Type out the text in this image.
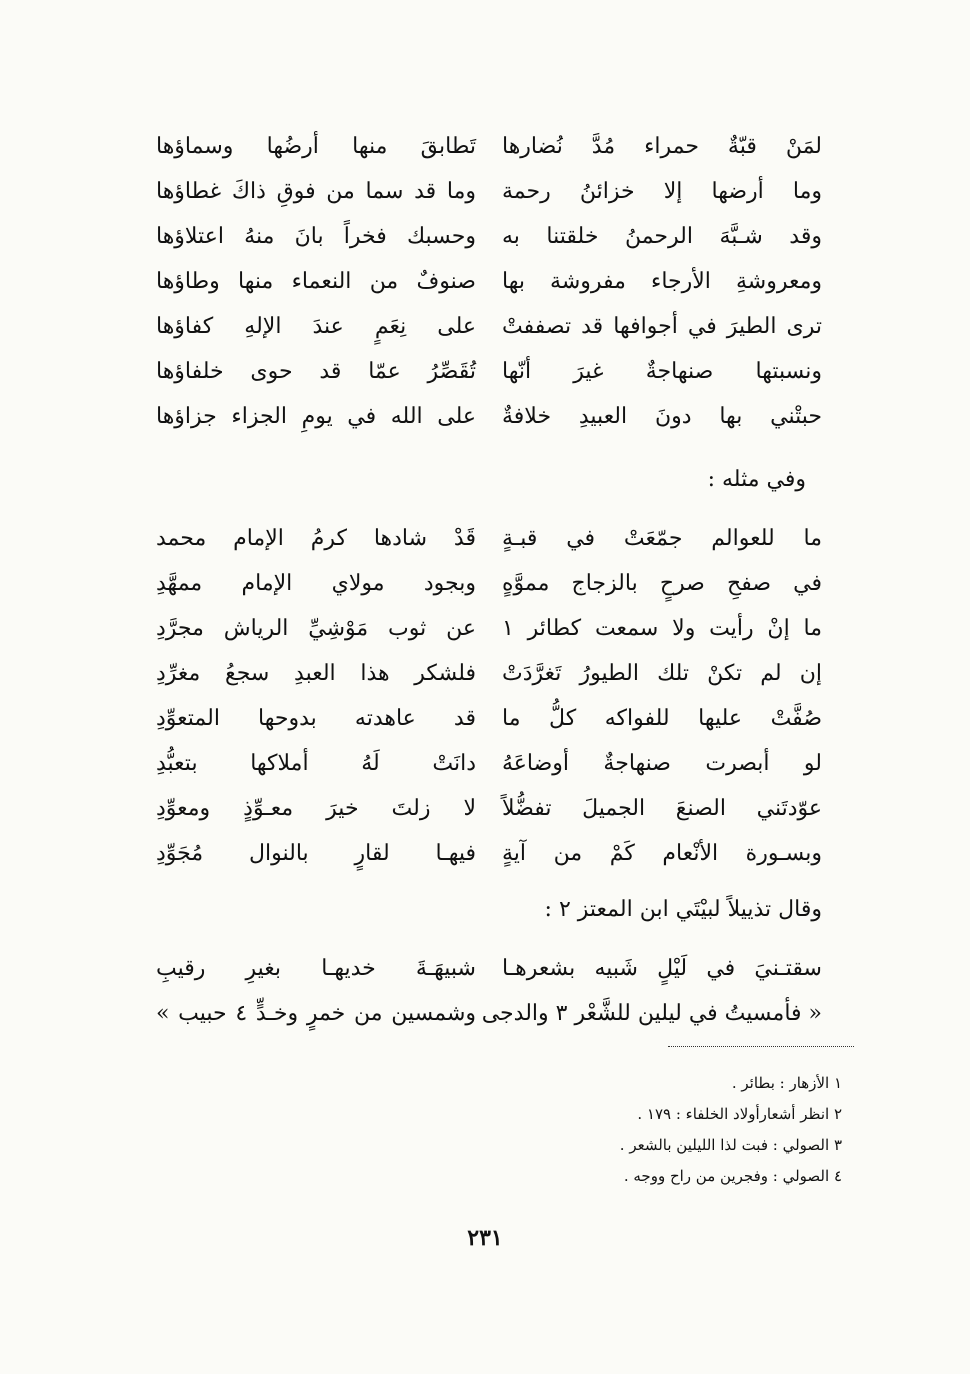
لمَنْ قبّةٌ حمراء مُدَّ نُضارها
تَطابقَ منها أرضُها وسماؤها
وما أرضها إلا خزائنُ رحمة
وما قد سما من فوقِ ذاكَ غطاؤها
وقد شـبَّهَ الرحمنُ خلقتنا به
وحسبك فخراً بانَ منهُ اعتلاؤها
ومعروشةِ الأرجاء مفروشة بها
صنوفٌ من النعماء منها وطاؤها
ترى الطيرَ في أجوافها قد تصففتْ
على نِعَمٍ عندَ الإلهِ كفاؤها
ونسبتها صنهاجةٌ غيرَ أنّها
تُقَصِّرُ عمّا قد حوى خلفاؤها
حبتْني بها دونَ العبيدِ خلافةٌ
على الله في يومِ الجزاء جزاؤها
وفي مثله :
ما للعوالم جمّعَتْ في قبـةٍ
قَدْ شادها كرمُ الإمام محمد
في صفحِ صرحٍ بالزجاج مموَّهٍ
وبجود مولاي الإمام ممهَّدِ
ما إنْ رأيت ولا سمعت كطائر ١
عن ثوب مَوْشِيِّ الرياش مجرَّدِ
إن لم تكنْ تلك الطيورُ تَغرَّدَتْ
فلشكر هذا العبدِ سجعُ مغرِّدِ
صُفَّتْ عليها للفواكه كلُّ ما
قد عاهدته بدوحها المتعوِّدِ
لو أبصرت صنهاجةٌ أوضاعَهُ
دانَتْ لَهُ أملاكها بتعبُّدِ
عوّدتَني الصنعَ الجميلَ تفضُّلاً
لا زلتَ خيرَ معـوِّذٍ ومعوِّدِ
وبسـورة الأنْعام كَمْ من آيةٍ
فيهـا لقارٍ بالنوال مُجَوِّدِ
وقال تذييلاً لبيْتَي ابن المعتز ٢ :
سقتـنيَ في لَيْلٍ شَبيه بشعرهـا
شبيهَـةَ خديهـا بغيرِ رقيبِ
« فأمسيتُ في ليلين للشَّعْر ٣ والدجى
وشمسين من خمرٍ وخـدٍّ ٤ حبيب »
١ الأزهار : بطائر .
٢ انظر أشعارأولاد الخلفاء : ١٧٩ .
٣ الصولي : فبت لذا الليلين بالشعر .
٤ الصولي : وفجرين من راح ووجه .
٢٣١
